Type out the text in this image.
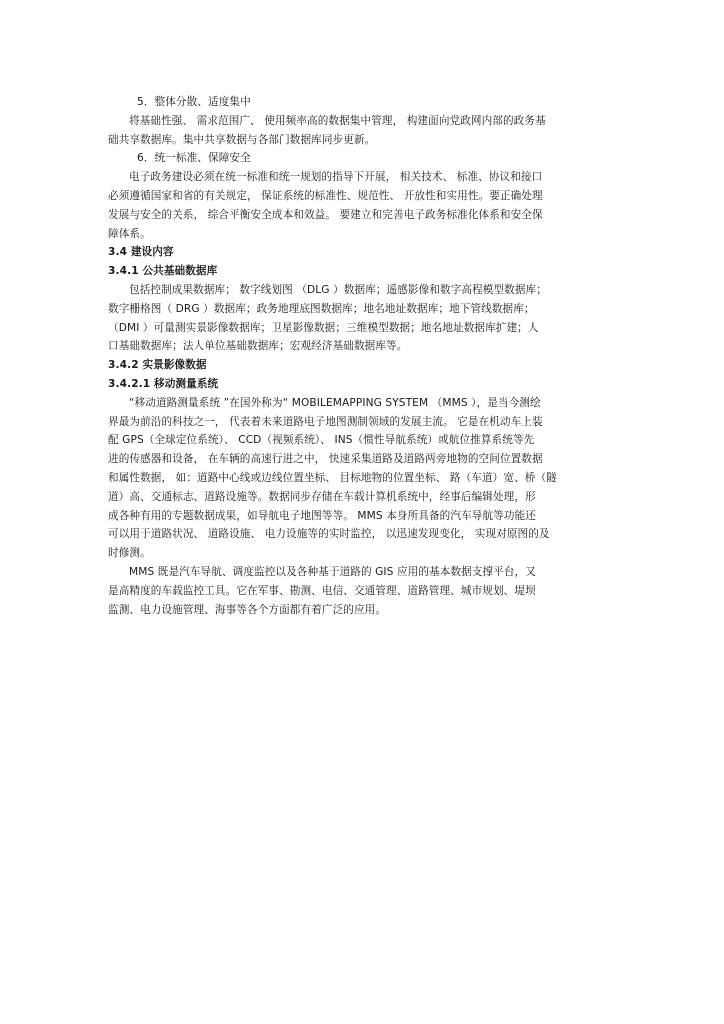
5．整体分散、适度集中
将基础性强、 需求范围广、 使用频率高的数据集中管理， 构建面向党政网内部的政务基
础共享数据库。集中共享数据与各部门数据库同步更新。
6．统一标准、保障安全
电子政务建设必须在统一标准和统一规划的指导下开展， 相关技术、 标准、协议和接口
必须遵循国家和省的有关规定， 保证系统的标准性、规范性、 开放性和实用性。要正确处理
发展与安全的关系， 综合平衡安全成本和效益。 要建立和完善电子政务标准化体系和安全保
障体系。
3.4 建设内容
3.4.1 公共基础数据库
包括控制成果数据库； 数字线划图 （DLG ）数据库；遥感影像和数字高程模型数据库；
数字栅格图（ DRG ）数据库；政务地理底图数据库；地名地址数据库；地下管线数据库；
（DMI ）可量测实景影像数据库；卫星影像数据；三维模型数据；地名地址数据库扩建；人
口基础数据库；法人单位基础数据库；宏观经济基础数据库等。
3.4.2 实景影像数据
3.4.2.1 移动测量系统
“移动道路测量系统 ”在国外称为“ MOBILEMAPPING SYSTEM （MMS ），是当今测绘
界最为前沿的科技之一， 代表着未来道路电子地图测制领域的发展主流。 它是在机动车上装
配 GPS（全球定位系统）、 CCD（视频系统）、 INS（惯性导航系统）或航位推算系统等先
进的传感器和设备， 在车辆的高速行进之中， 快速采集道路及道路两旁地物的空间位置数据
和属性数据， 如：道路中心线或边线位置坐标、 目标地物的位置坐标、 路（车道）宽、桥（隧
道）高、交通标志、道路设施等。数据同步存储在车载计算机系统中，经事后编辑处理，形
成各种有用的专题数据成果，如导航电子地图等等。 MMS 本身所具备的汽车导航等功能还
可以用于道路状况、 道路设施、 电力设施等的实时监控， 以迅速发现变化， 实现对原图的及
时修测。
MMS 既是汽车导航、调度监控以及各种基于道路的 GIS 应用的基本数据支撑平台，又
是高精度的车载监控工具。它在军事、勘测、电信、交通管理、道路管理、城市规划、堤坝
监测、电力设施管理、海事等各个方面都有着广泛的应用。
